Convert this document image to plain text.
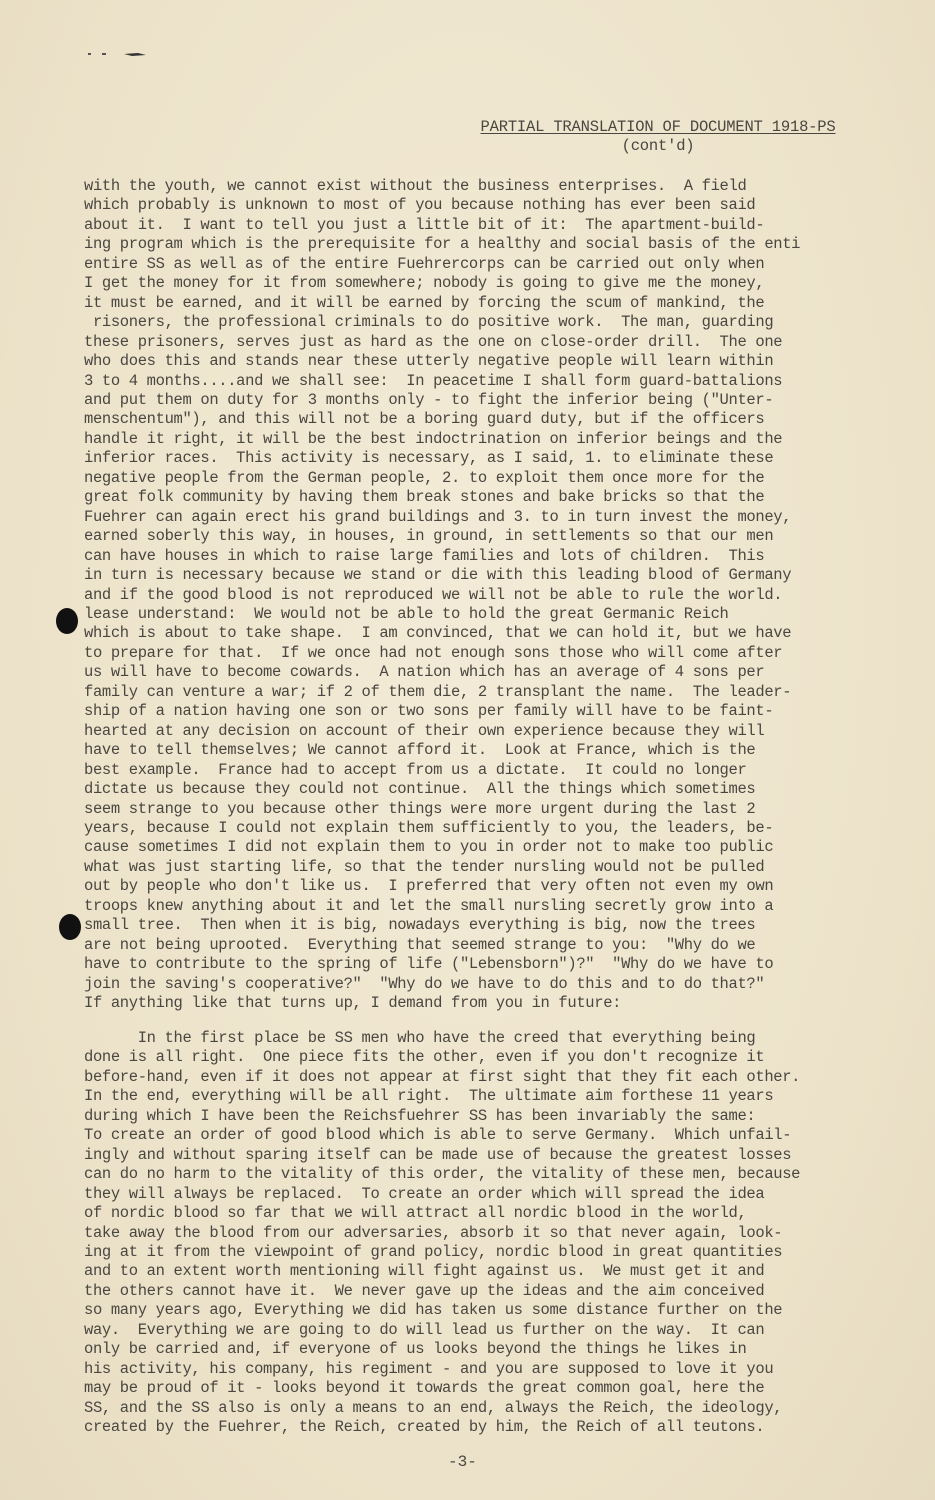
PARTIAL TRANSLATION OF DOCUMENT 1918-PS
(cont'd)
with the youth, we cannot exist without the business enterprises.  A field
which probably is unknown to most of you because nothing has ever been said
about it.  I want to tell you just a little bit of it:  The apartment-build-
ing program which is the prerequisite for a healthy and social basis of the enti
entire SS as well as of the entire Fuehrercorps can be carried out only when
I get the money for it from somewhere; nobody is going to give me the money,
it must be earned, and it will be earned by forcing the scum of mankind, the
risoners, the professional criminals to do positive work.  The man, guarding
these prisoners, serves just as hard as the one on close-order drill.  The one
who does this and stands near these utterly negative people will learn within
3 to 4 months....and we shall see:  In peacetime I shall form guard-battalions
and put them on duty for 3 months only - to fight the inferior being ("Unter-
menschentum"), and this will not be a boring guard duty, but if the officers
handle it right, it will be the best indoctrination on inferior beings and the
inferior races.  This activity is necessary, as I said, 1. to eliminate these
negative people from the German people, 2. to exploit them once more for the
great folk community by having them break stones and bake bricks so that the
Fuehrer can again erect his grand buildings and 3. to in turn invest the money,
earned soberly this way, in houses, in ground, in settlements so that our men
can have houses in which to raise large families and lots of children.  This
in turn is necessary because we stand or die with this leading blood of Germany
and if the good blood is not reproduced we will not be able to rule the world.
lease understand:  We would not be able to hold the great Germanic Reich
which is about to take shape.  I am convinced, that we can hold it, but we have
to prepare for that.  If we once had not enough sons those who will come after
us will have to become cowards.  A nation which has an average of 4 sons per
family can venture a war; if 2 of them die, 2 transplant the name.  The leader-
ship of a nation having one son or two sons per family will have to be faint-
hearted at any decision on account of their own experience because they will
have to tell themselves; We cannot afford it.  Look at France, which is the
best example.  France had to accept from us a dictate.  It could no longer
dictate us because they could not continue.  All the things which sometimes
seem strange to you because other things were more urgent during the last 2
years, because I could not explain them sufficiently to you, the leaders, be-
cause sometimes I did not explain them to you in order not to make too public
what was just starting life, so that the tender nursling would not be pulled
out by people who don't like us.  I preferred that very often not even my own
troops knew anything about it and let the small nursling secretly grow into a
small tree.  Then when it is big, nowadays everything is big, now the trees
are not being uprooted.  Everything that seemed strange to you:  "Why do we
have to contribute to the spring of life ("Lebensborn")?"  "Why do we have to
join the saving's cooperative?"  "Why do we have to do this and to do that?"
If anything like that turns up, I demand from you in future:
In the first place be SS men who have the creed that everything being
done is all right.  One piece fits the other, even if you don't recognize it
before-hand, even if it does not appear at first sight that they fit each other.
In the end, everything will be all right.  The ultimate aim forthese 11 years
during which I have been the Reichsfuehrer SS has been invariably the same:
To create an order of good blood which is able to serve Germany.  Which unfail-
ingly and without sparing itself can be made use of because the greatest losses
can do no harm to the vitality of this order, the vitality of these men, because
they will always be replaced.  To create an order which will spread the idea
of nordic blood so far that we will attract all nordic blood in the world,
take away the blood from our adversaries, absorb it so that never again, look-
ing at it from the viewpoint of grand policy, nordic blood in great quantities
and to an extent worth mentioning will fight against us.  We must get it and
the others cannot have it.  We never gave up the ideas and the aim conceived
so many years ago, Everything we did has taken us some distance further on the
way.  Everything we are going to do will lead us further on the way.  It can
only be carried and, if everyone of us looks beyond the things he likes in
his activity, his company, his regiment - and you are supposed to love it you
may be proud of it - looks beyond it towards the great common goal, here the
SS, and the SS also is only a means to an end, always the Reich, the ideology,
created by the Fuehrer, the Reich, created by him, the Reich of all teutons.
-3-
